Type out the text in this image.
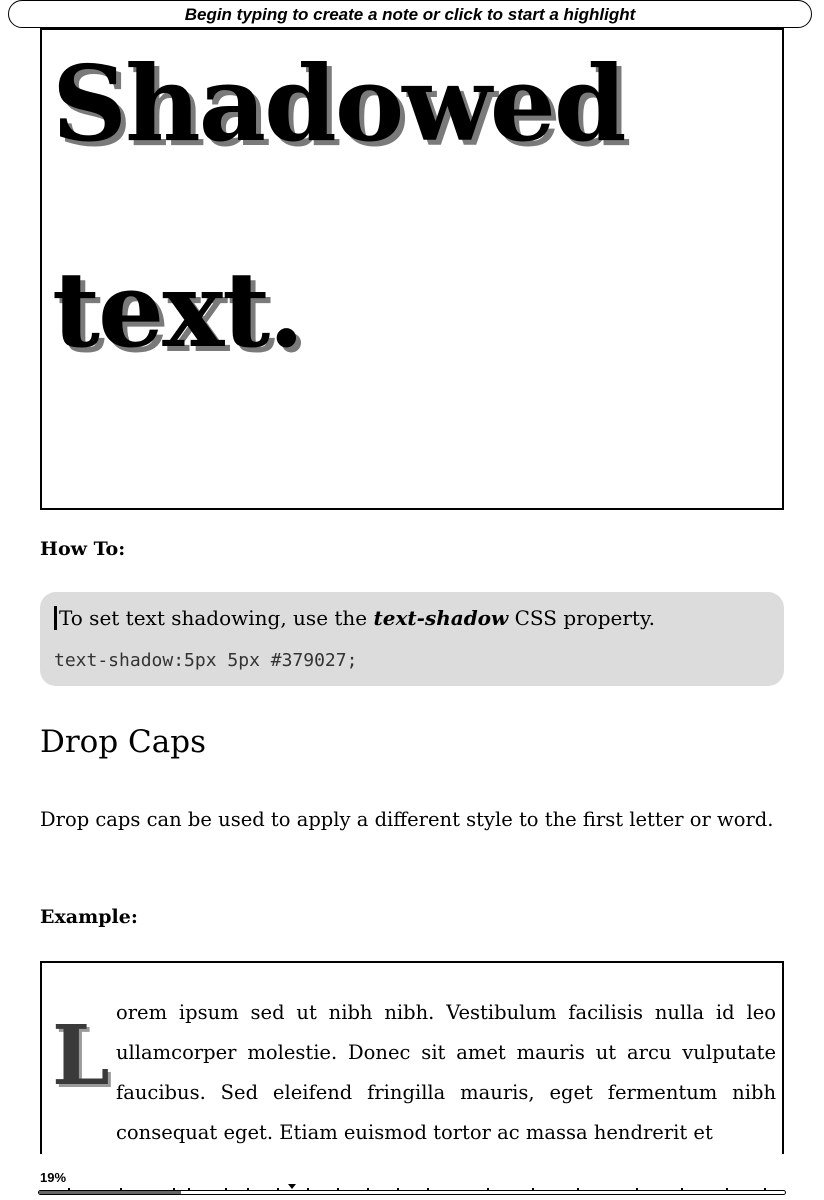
Begin typing to create a note or click to start a highlight

Shadowed

text.

How To:
To set text shadowing, use the text-shadow CSS property.
text-shadow:5px 5px #379027;
Drop Caps

Drop caps can be used to apply a different style to the first letter or word.

Example:
L orem ipsum sed ut nibh nibh. Vestibulum facilisis nulla id leo ullamcorper molestie. Donec sit amet mauris ut arcu vulputate faucibus. Sed eleifend fringilla mauris, eget fermentum nibh consequat eget. Etiam euismod tortor ac massa hendrerit et

19%
